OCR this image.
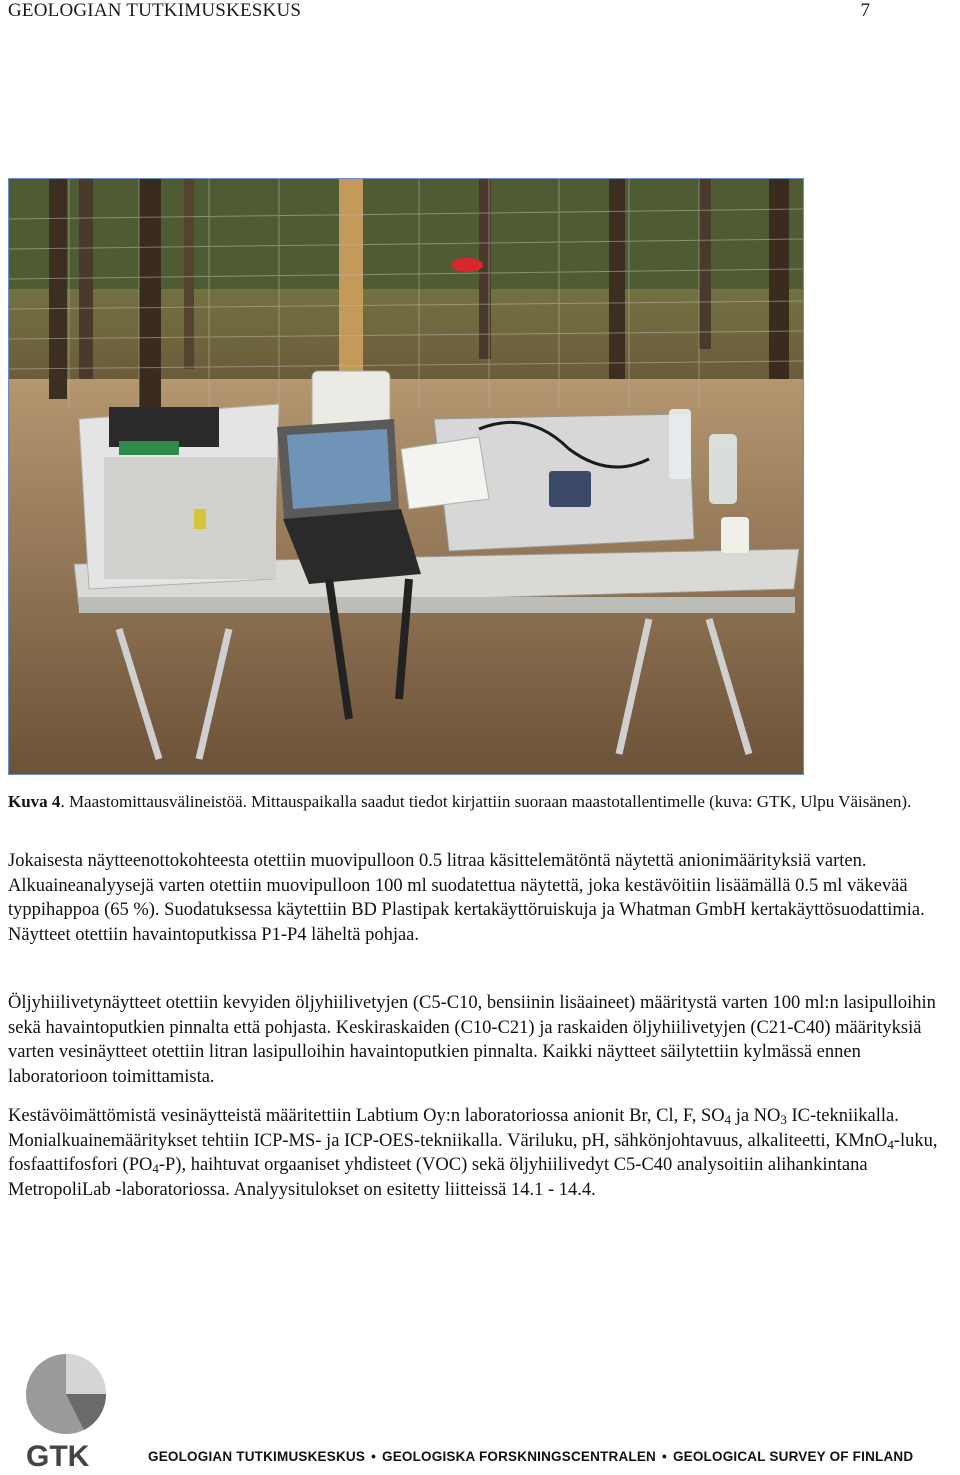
GEOLOGIAN TUTKIMUSKESKUS	7
Kuva 4. Maastomittausvälineistöä. Mittauspaikalla saadut tiedot kirjattiin suoraan maastotallentimelle (kuva: GTK, Ulpu Väisänen).
Jokaisesta näytteenottokohteesta otettiin muovipulloon 0.5 litraa käsittelemätöntä näytettä anionimäärityksiä varten. Alkuaineanalyysejä varten otettiin muovipulloon 100 ml suodatettua näytettä, joka kestävöitiin lisäämällä 0.5 ml väkevää typpihappoa (65 %). Suodatuksessa käytettiin BD Plastipak kertakäyttöruiskuja ja Whatman GmbH kertakäyttösuodattimia. Näytteet otettiin havaintoputkissa P1-P4 läheltä pohjaa.
Öljyhiilivetynäytteet otettiin kevyiden öljyhiilivetyjen (C5-C10, bensiinin lisäaineet) määritystä varten 100 ml:n lasipulloihin sekä havaintoputkien pinnalta että pohjasta. Keskiraskaiden (C10-C21) ja raskaiden öljyhiilivetyjen (C21-C40) määrityksiä varten vesinäytteet otettiin litran lasipulloihin havaintoputkien pinnalta. Kaikki näytteet säilytettiin kylmässä ennen laboratorioon toimittamista.
Kestävöimättömistä vesinäytteistä määritettiin Labtium Oy:n laboratoriossa anionit Br, Cl, F, $SO_4$ ja $NO_3$ IC-tekniikalla. Monialkuainemääritykset tehtiin ICP-MS- ja ICP-OES-tekniikalla. Väriluku, pH, sähkönjohtavuus, alkaliteetti, KMnO$_4$-luku, fosfaattifosfori $(PO_4-P)$, haihtuvat orgaaniset yhdisteet (VOC) sekä öljyhiilivedyt C5-C40 analysoitiin alihankintana MetropoliLab -laboratoriossa. Analyysitulokset on esitetty liitteissä 14.1 - 14.4.
GTK	GEOLOGIAN TUTKIMUSKESKUS • GEOLOGISKA FORSKNINGSCENTRALEN • GEOLOGICAL SURVEY OF FINLAND
